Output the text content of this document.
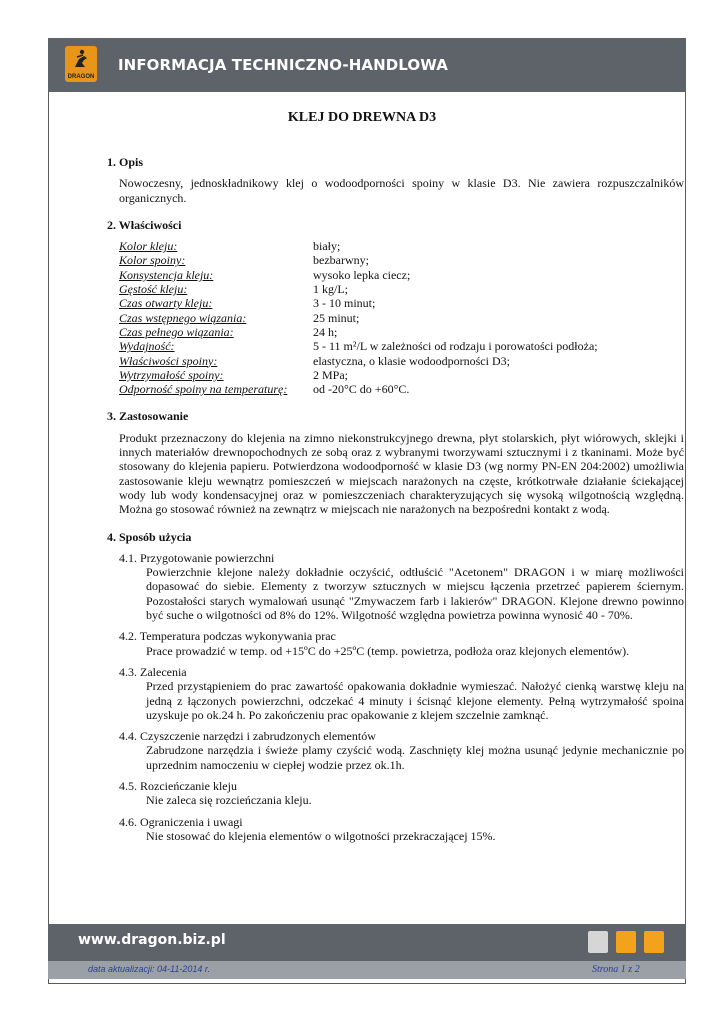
DRAGON
INFORMACJA TECHNICZNO-HANDLOWA
KLEJ DO DREWNA D3
1. Opis
Nowoczesny, jednoskładnikowy klej o wodoodporności spoiny w klasie D3. Nie zawiera rozpuszczalników organicznych.
2. Właściwości
Kolor kleju:	biały;
Kolor spoiny:	bezbarwny;
Konsystencja kleju:	wysoko lepka ciecz;
Gęstość kleju:	1 kg/L;
Czas otwarty kleju:	3 - 10 minut;
Czas wstępnego wiązania:	25 minut;
Czas pełnego wiązania:	24 h;
Wydajność:	5 - 11 m²/L w zależności od rodzaju i porowatości podłoża;
Właściwości spoiny:	elastyczna, o klasie wodoodporności D3;
Wytrzymałość spoiny:	2 MPa;
Odporność spoiny na temperaturę:	od -20°C do +60°C.
3. Zastosowanie
Produkt przeznaczony do klejenia na zimno niekonstrukcyjnego drewna, płyt stolarskich, płyt wiórowych, sklejki i innych materiałów drewnopochodnych ze sobą oraz z wybranymi tworzywami sztucznymi i z tkaninami. Może być stosowany do klejenia papieru. Potwierdzona wodoodporność w klasie D3 (wg normy PN-EN 204:2002) umożliwia zastosowanie kleju wewnątrz pomieszczeń w miejscach narażonych na częste, krótkotrwałe działanie ściekającej wody lub wody kondensacyjnej oraz w pomieszczeniach charakteryzujących się wysoką wilgotnością względną. Można go stosować również na zewnątrz w miejscach nie narażonych na bezpośredni kontakt z wodą.
4. Sposób użycia
4.1. Przygotowanie powierzchni
Powierzchnie klejone należy dokładnie oczyścić, odtłuścić "Acetonem" DRAGON i w miarę możliwości dopasować do siebie. Elementy z tworzyw sztucznych w miejscu łączenia przetrzeć papierem ściernym. Pozostałości starych wymalowań usunąć "Zmywaczem farb i lakierów" DRAGON. Klejone drewno powinno być suche o wilgotności od 8% do 12%. Wilgotność względna powietrza powinna wynosić 40 - 70%.
4.2. Temperatura podczas wykonywania prac
Prace prowadzić w temp. od +15ºC do +25ºC (temp. powietrza, podłoża oraz klejonych elementów).
4.3. Zalecenia
Przed przystąpieniem do prac zawartość opakowania dokładnie wymieszać. Nałożyć cienką warstwę kleju na jedną z łączonych powierzchni, odczekać 4 minuty i ścisnąć klejone elementy. Pełną wytrzymałość spoina uzyskuje po ok.24 h. Po zakończeniu prac opakowanie z klejem szczelnie zamknąć.
4.4. Czyszczenie narzędzi i zabrudzonych elementów
Zabrudzone narzędzia i świeże plamy czyścić wodą. Zaschnięty klej można usunąć jedynie mechanicznie po uprzednim namoczeniu w ciepłej wodzie przez ok.1h.
4.5. Rozcieńczanie kleju
Nie zaleca się rozcieńczania kleju.
4.6. Ograniczenia i uwagi
Nie stosować do klejenia elementów o wilgotności przekraczającej 15%.
www.dragon.biz.pl
data aktualizacji: 04-11-2014 r.	Strona 1 z 2
